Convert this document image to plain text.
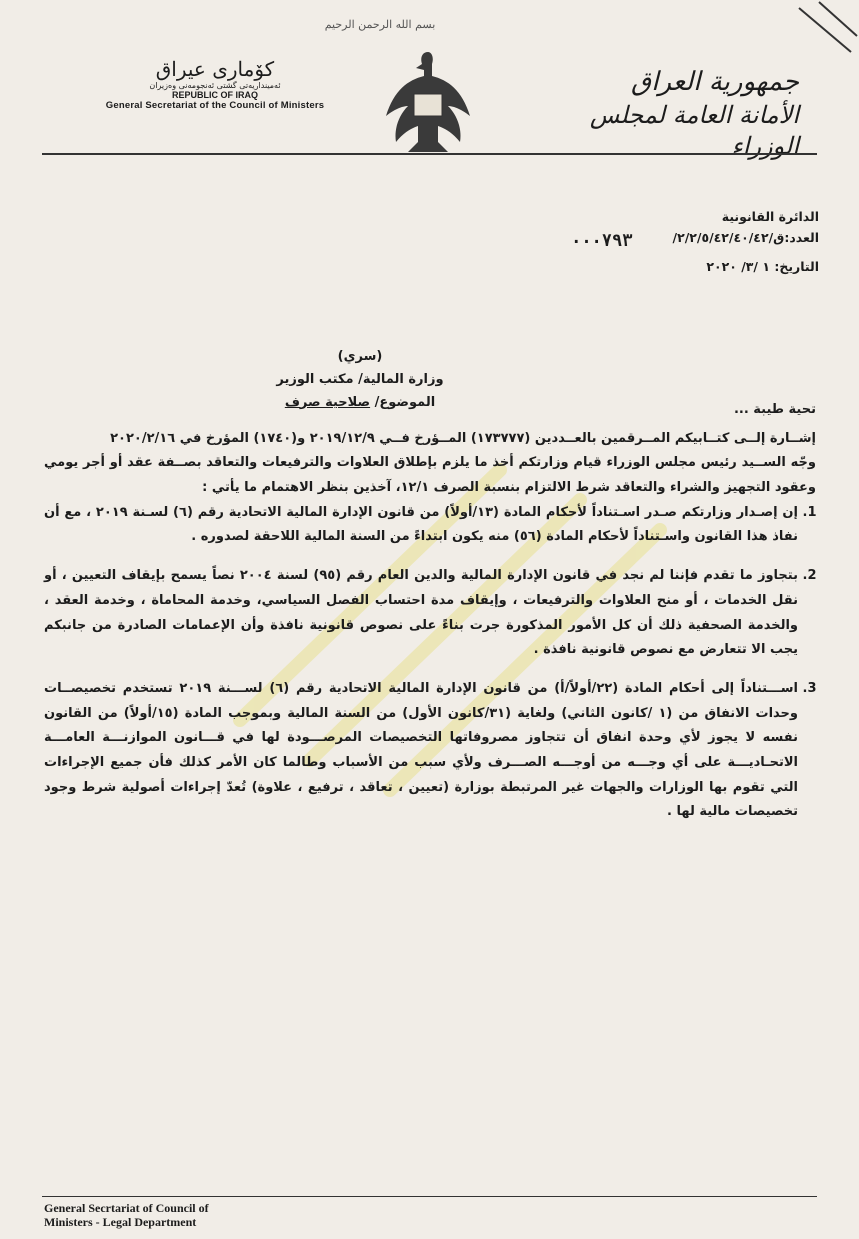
بسم الله الرحمن الرحيم
كۆماری عیراق
ئه‌مینداریه‌تی گشتی ئه‌نجومه‌نی وه‌زیران
REPUBLIC OF IRAQ
General Secretariat of the Council of Ministers
جمهورية العراق
الأمانة العامة لمجلس الوزراء
الدائرة القانونية
العدد:ق/٢/٢/٥/٤٢/٤٠/٤٢/
٠٠٠٧٩٣
التاريخ: ١ /٣/ ٢٠٢٠
(سري)
وزارة المالية/ مكتب الوزير
الموضوع/ صلاحية صرف	تحية طيبة ...

إشــارة إلــى كتــابيكم المــرقمين بالعــددين (١٧٣٧٧٧) المــؤرخ فــي ٢٠١٩/١٢/٩ و(١٧٤٠) المؤرخ في ٢٠٢٠/٢/١٦

وجّه الســيد رئيس مجلس الوزراء قيام وزارتكم أخذ ما يلزم بإطلاق العلاوات والترفيعات والتعاقد بصــفة عقد أو أجر يومي وعقود التجهيز والشراء والتعاقد شرط الالتزام بنسبة الصرف ١٢/١، آخذين بنظر الاهتمام ما يأتي :

1. إن إصـدار وزارتكم صـدر اسـتناداً لأحكام المادة (١٣/أولاً) من قانون الإدارة المالية الاتحادية رقم (٦) لسـنة ٢٠١٩ ، مع أن نفاذ هذا القانون واسـتناداً لأحكام المادة (٥٦) منه يكون ابتداءً من السنة المالية اللاحقة لصدوره .
2. بتجاوز ما تقدم فإننا لم نجد في قانون الإدارة المالية والدين العام رقم (٩٥) لسنة ٢٠٠٤ نصاً يسمح بإيقاف التعيين ، أو نقل الخدمات ، أو منح العلاوات والترفيعات ، وإيقاف مدة احتساب الفصل السياسي، وخدمة المحاماة ، وخدمة العقد ، والخدمة الصحفية ذلك أن كل الأمور المذكورة جرت بناءً على نصوص قانونية نافذة وأن الإعمامات الصادرة من جانبكم يجب الا تتعارض مع نصوص قانونية نافذة .
3. اســـتناداً إلى أحكام المادة (٢٢/أولاً/أ) من قانون الإدارة المالية الاتحادية رقم (٦) لســـنة ٢٠١٩ تستخدم تخصيصــات وحدات الانفاق من (١ /كانون الثاني) ولغاية (٣١/كانون الأول) من السنة المالية وبموجب المادة (١٥/أولاً) من القانون نفسه لا يجوز لأي وحدة انفاق أن تتجاوز مصروفاتها التخصيصات المرصـــودة لها في قـــانون الموازنـــة العامـــة الاتحـاديـــة على أي وجـــه من أوجـــه الصـــرف ولأي سبب من الأسباب وطالما كان الأمر كذلك فأن جميع الإجراءات التي تقوم بها الوزارات والجهات غير المرتبطة بوزارة (تعيين ، تعاقد ، ترفيع ، علاوة) تُعدّ إجراءات أصولية شرط وجود تخصيصات مالية لها .
General Secrtariat of Council of
Ministers - Legal Department
